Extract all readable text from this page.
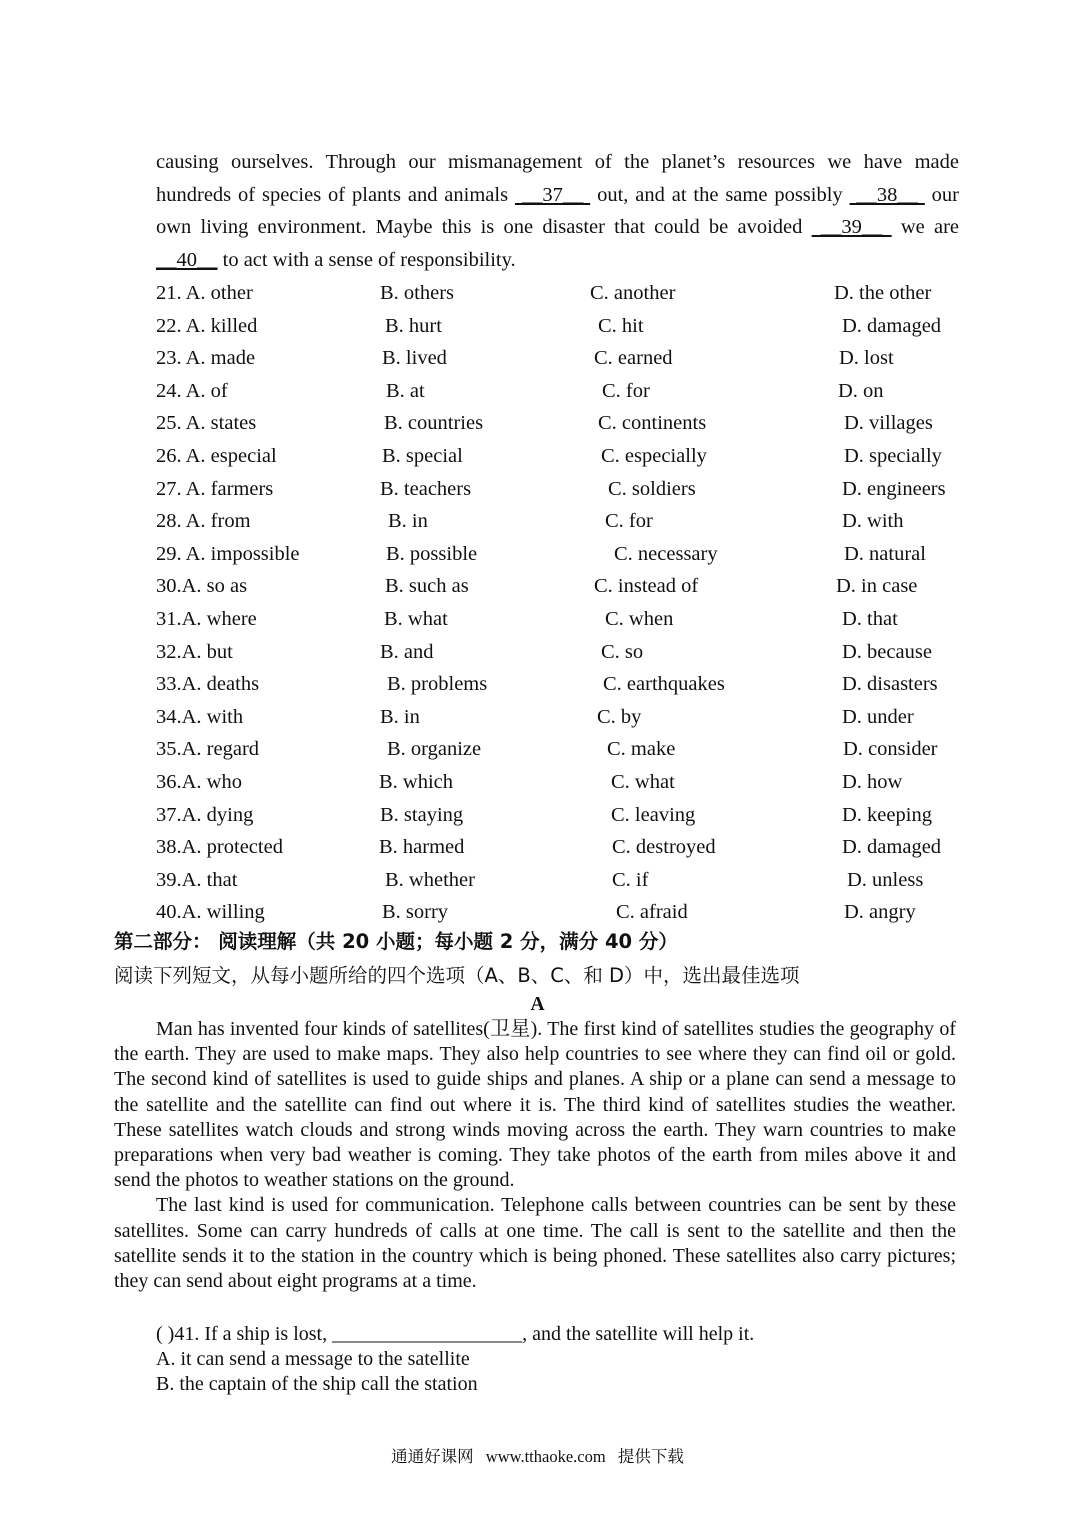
causing ourselves. Through our mismanagement of the planet’s resources we have made

hundreds of species of plants and animals  __37__  out, and at the same possibly  __38__  our

own living environment. Maybe this is one disaster that could be avoided  __39__  we are

__40__ to act with a sense of responsibility.

21. A. other	B. others	C. another	D. the other
22. A. killed	B. hurt	C. hit	D. damaged
23. A. made	B. lived	C. earned	D. lost
24. A. of	B. at	C. for	D. on
25. A. states	B. countries	C. continents	D. villages
26. A. especial	B. special	C. especially	D. specially
27. A. farmers	B. teachers	C. soldiers	D. engineers
28. A. from	B. in	C. for	D. with
29. A. impossible	B. possible	C. necessary	D. natural
30.A. so as	B. such as	C. instead of	D. in case
31.A. where	B. what	C. when	D. that
32.A. but	B. and	C. so	D. because
33.A. deaths	B. problems	C. earthquakes	D. disasters
34.A. with	B. in	C. by	D. under
35.A. regard	B. organize	C. make	D. consider
36.A. who	B. which	C. what	D. how
37.A. dying	B. staying	C. leaving	D. keeping
38.A. protected	B. harmed	C. destroyed	D. damaged
39.A. that	B. whether	C. if	D. unless
40.A. willing	B. sorry	C. afraid	D. angry
第二部分： 阅读理解（共 20 小题；每小题 2 分，满分 40 分）
阅读下列短文，从每小题所给的四个选项（A、B、C、和 D）中，选出最佳选项
A

Man has invented four kinds of satellites(卫星). The first kind of satellites studies the geography of the earth. They are used to make maps. They also help countries to see where they can find oil or gold. The second kind of satellites is used to guide ships and planes. A ship or a plane can send a message to the satellite and the satellite can find out where it is. The third kind of satellites studies the weather. These satellites watch clouds and strong winds moving across the earth. They warn countries to make preparations when very bad weather is coming. They take photos of the earth from miles above it and send the photos to weather stations on the ground.

The last kind is used for communication. Telephone calls between countries can be sent by these satellites. Some can carry hundreds of calls at one time. The call is sent to the satellite and then the satellite sends it to the station in the country which is being phoned. These satellites also carry pictures; they can send about eight programs at a time.

( )41. If a ship is lost, ___________________, and the satellite will help it.
A. it can send a message to the satellite
B. the captain of the ship call the station
通通好课网 www.tthaoke.com 提供下载
